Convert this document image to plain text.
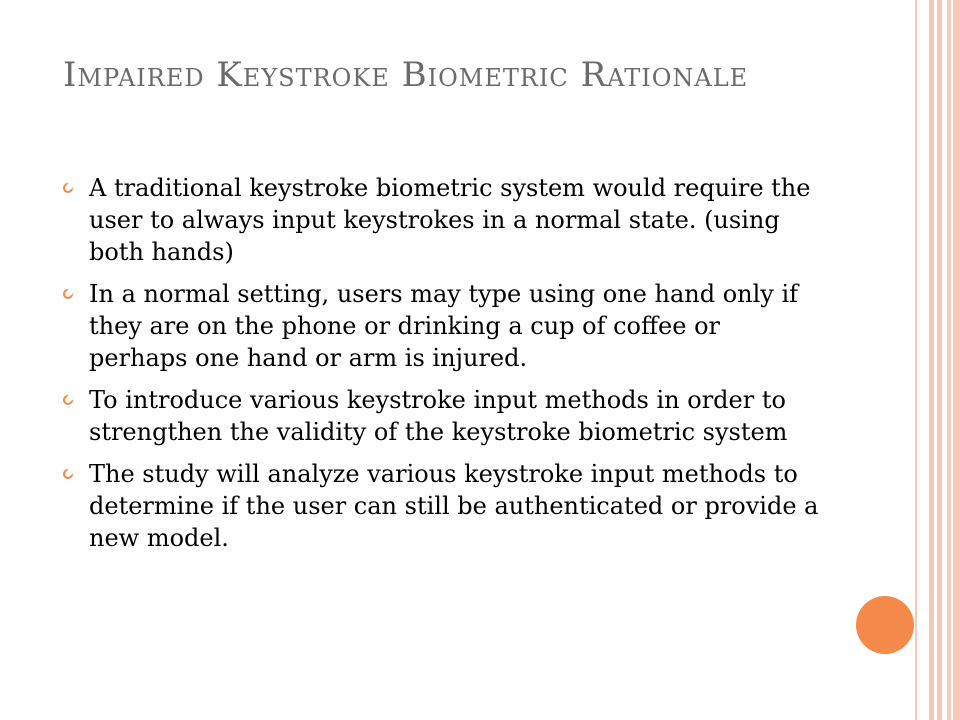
Impaired Keystroke Biometric Rationale
A traditional keystroke biometric system would require the user to always input keystrokes in a normal state. (using both hands)
In a normal setting, users may type using one hand only if they are on the phone or drinking a cup of coffee or perhaps one hand or arm is injured.
To introduce various keystroke input methods in order to strengthen the validity of the keystroke biometric system
The study will analyze various keystroke input methods to determine if the user can still be authenticated or provide a new model.
